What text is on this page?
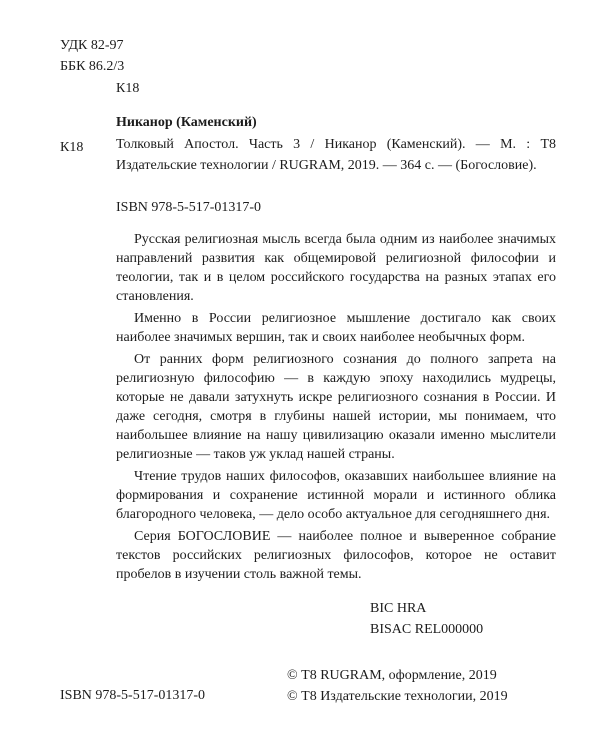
УДК 82-97
ББК 86.2/3
К18
Никанор (Каменский)
К18 Толковый Апостол. Часть 3 / Никанор (Каменский). — М. : Т8 Издательские технологии / RUGRAM, 2019. — 364 с. — (Богословие).
ISBN 978-5-517-01317-0

Русская религиозная мысль всегда была одним из наиболее значимых направлений развития как общемировой религиозной философии и теологии, так и в целом российского государства на разных этапах его становления.

Именно в России религиозное мышление достигало как своих наиболее значимых вершин, так и своих наиболее необычных форм.

От ранних форм религиозного сознания до полного запрета на религиозную философию — в каждую эпоху находились мудрецы, которые не давали затухнуть искре религиозного сознания в России. И даже сегодня, смотря в глубины нашей истории, мы понимаем, что наибольшее влияние на нашу цивилизацию оказали именно мыслители религиозные — таков уж уклад нашей страны.

Чтение трудов наших философов, оказавших наибольшее влияние на формирования и сохранение истинной морали и истинного облика благородного человека, — дело особо актуальное для сегодняшнего дня.

Серия БОГОСЛОВИЕ — наиболее полное и выверенное собрание текстов российских религиозных философов, которое не оставит пробелов в изучении столь важной темы.

BIC HRA
BISAC REL000000
ISBN 978-5-517-01317-0
© Т8 RUGRAM, оформление, 2019
© Т8 Издательские технологии, 2019
